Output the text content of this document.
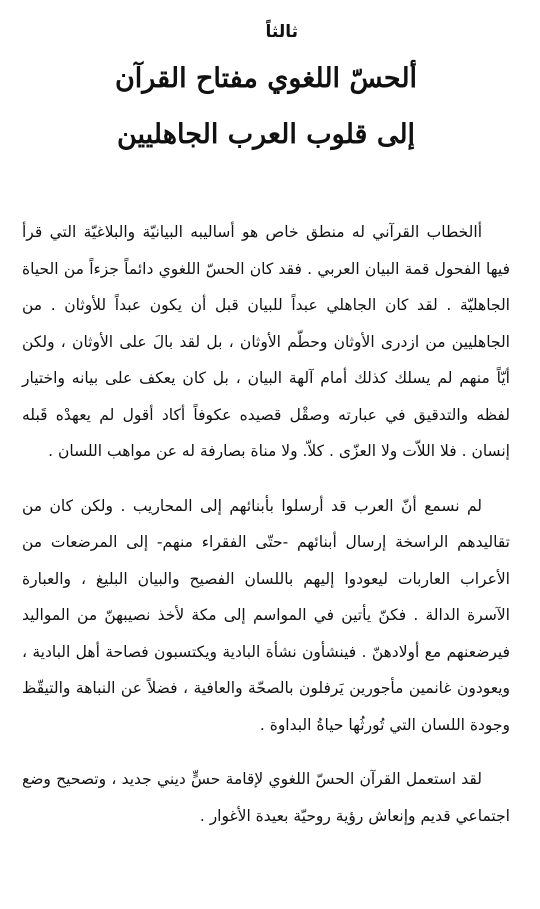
ثالثاً
ألحسّ اللغوي مفتاح القرآن
إلى قلوب العرب الجاهليين

أالخطاب القرآني له منطق خاص هو أساليبه البيانيّة والبلاغيّة التي قرأ فيها الفحول قمة البيان العربي . فقد كان الحسّ اللغوي دائماً جزءاً من الحياة الجاهليّة . لقد كان الجاهلي عبداً للبيان قبل أن يكون عبداً للأوثان . من الجاهليين من ازدرى الأوثان وحطّم الأوثان ، بل لقد بالَ على الأوثان ، ولكن أيّاً منهم لم يسلك كذلك أمام آلهة البيان ، بل كان يعكف على بيانه واختيار لفظه والتدقيق في عبارته وصقْل قصيده عكوفاً أكاد أقول لم يعهدْه قَبله إنسان . فلا اللاّت ولا العزّى . كلاّ. ولا مناة بصارفة له عن مواهب اللسان .

لم نسمع أنّ العرب قد أرسلوا بأبنائهم إلى المحاريب . ولكن كان من تقاليدهم الراسخة إرسال أبنائهم -حتّى الفقراء منهم- إلى المرضعات من الأعراب العاربات ليعودوا إليهم باللسان الفصيح والبيان البليغ ، والعبارة الآسرة الدالة . فكنّ يأتين في المواسم إلى مكة لأخذ نصيبهنّ من المواليد فيرضعنهم مع أولادهنّ . فينشأون نشأة البادية ويكتسبون فصاحة أهل البادية ، ويعودون غانمين مأجورين يَرفلون بالصحّة والعافية ، فضلاً عن النباهة والتيقّظ وجودة اللسان التي تُورثُها حياةُ البداوة .

لقد استعمل القرآن الحسّ اللغوي لإقامة حسٍّ ديني جديد ، وتصحيح وضع اجتماعي قديم وإنعاش رؤية روحيّة بعيدة الأغوار .
